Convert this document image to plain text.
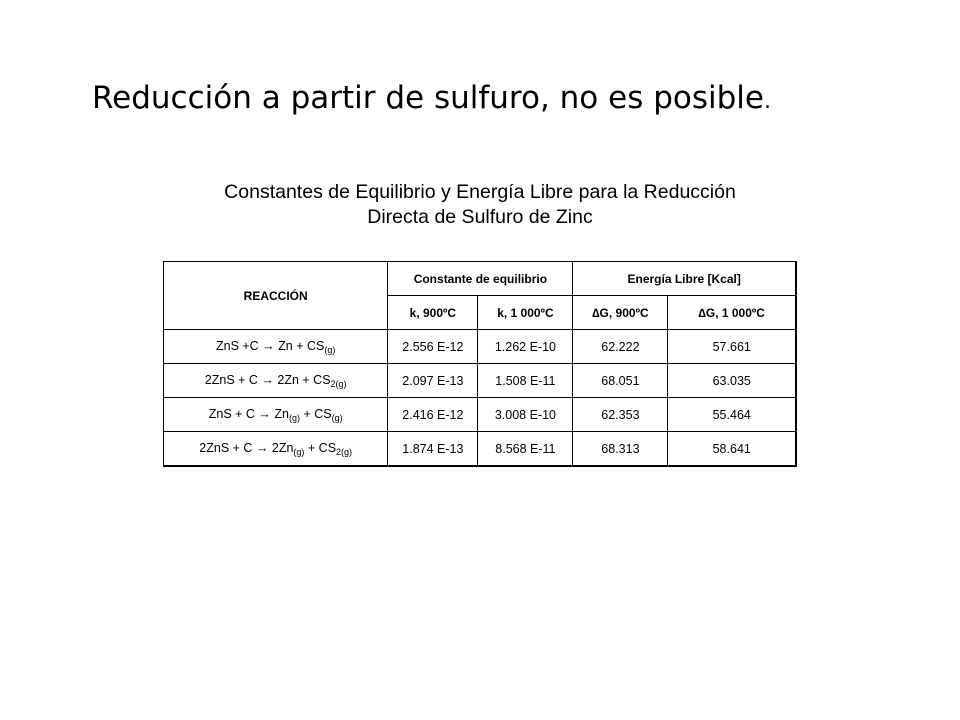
Reducción a partir de sulfuro, no es posible.
Constantes de Equilibrio y Energía Libre para la Reducción
Directa de Sulfuro de Zinc
REACCIÓN	Constante de equilibrio		Energía Libre [Kcal]	
	k, 900ºC	k, 1 000ºC	∆G, 900ºC	∆G, 1 000ºC
ZnS $+C \to Zn + CS_{(g)}$	2.556 E-12	1.262 E-10	62.222	57.661
$2ZnS + C \to 2Zn + CS_{2(g)}$	2.097 E-13	1.508 E-11	68.051	63.035
ZnS + $C \to Zn_{(g)} + CS_{(g)}$	2.416 E-12	3.008 E-10	62.353	55.464
$2ZnS + C \to 2Zn_{(g)} + CS_{2(g)}$	1.874 E-13	8.568 E-11	68.313	58.641
